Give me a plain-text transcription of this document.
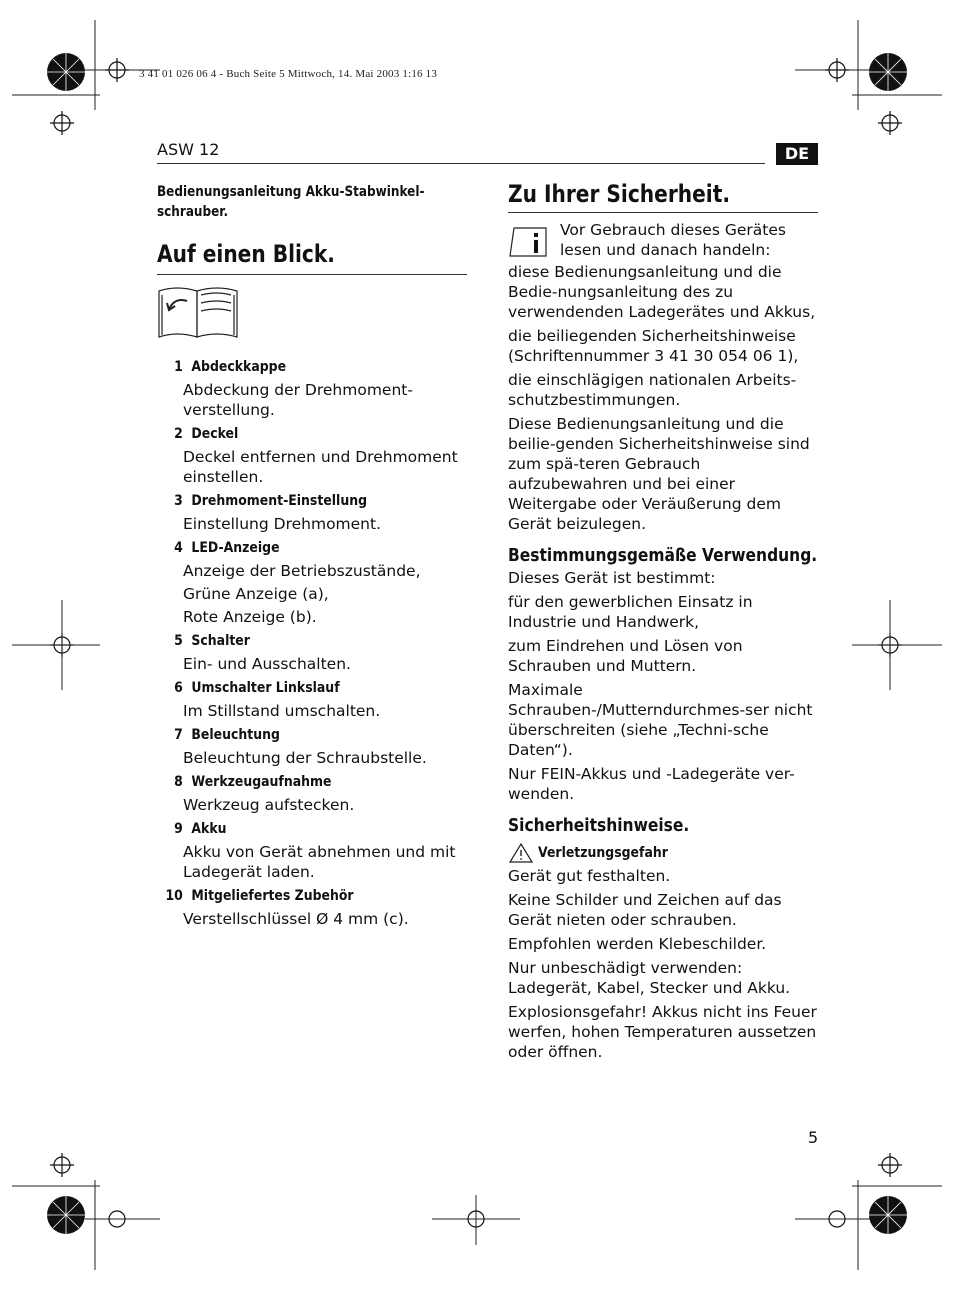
3 41 01 026 06 4 - Buch Seite 5 Mittwoch, 14. Mai 2003 1:16 13
ASW 12	DE
Bedienungsanleitung Akku-Stabwinkel-schrauber.
Auf einen Blick.
1 Abdeckkappe

Abdeckung der Drehmoment-verstellung.

2 Deckel

Deckel entfernen und Drehmoment einstellen.

3 Drehmoment-Einstellung

Einstellung Drehmoment.

4 LED-Anzeige

Anzeige der Betriebszustände,

Grüne Anzeige (a),

Rote Anzeige (b).

5 Schalter

Ein- und Ausschalten.

6 Umschalter Linkslauf

Im Stillstand umschalten.

7 Beleuchtung

Beleuchtung der Schraubstelle.

8 Werkzeugaufnahme

Werkzeug aufstecken.

9 Akku

Akku von Gerät abnehmen und mit Ladegerät laden.

10 Mitgeliefertes Zubehör

Verstellschlüssel Ø 4 mm (c).

Zu Ihrer Sicherheit.
Vor Gebrauch dieses Gerätes lesen und danach handeln:

diese Bedienungsanleitung und die Bedie-nungsanleitung des zu verwendenden Ladegerätes und Akkus,

die beiliegenden Sicherheitshinweise (Schriftennummer 3 41 30 054 06 1),

die einschlägigen nationalen Arbeits-schutzbestimmungen.

Diese Bedienungsanleitung und die beilie-genden Sicherheitshinweise sind zum spä-teren Gebrauch aufzubewahren und bei einer Weitergabe oder Veräußerung dem Gerät beizulegen.

Bestimmungsgemäße Verwendung.

Dieses Gerät ist bestimmt:

für den gewerblichen Einsatz in Industrie und Handwerk,

zum Eindrehen und Lösen von Schrauben und Muttern.

Maximale Schrauben-/Mutterndurchmes-ser nicht überschreiten (siehe „Techni-sche Daten“).

Nur FEIN-Akkus und -Ladegeräte ver-wenden.

Sicherheitshinweise.
Verletzungsgefahr

Gerät gut festhalten.

Keine Schilder und Zeichen auf das Gerät nieten oder schrauben.

Empfohlen werden Klebeschilder.

Nur unbeschädigt verwenden: Ladegerät, Kabel, Stecker und Akku.

Explosionsgefahr! Akkus nicht ins Feuer werfen, hohen Temperaturen aussetzen oder öffnen.

5
